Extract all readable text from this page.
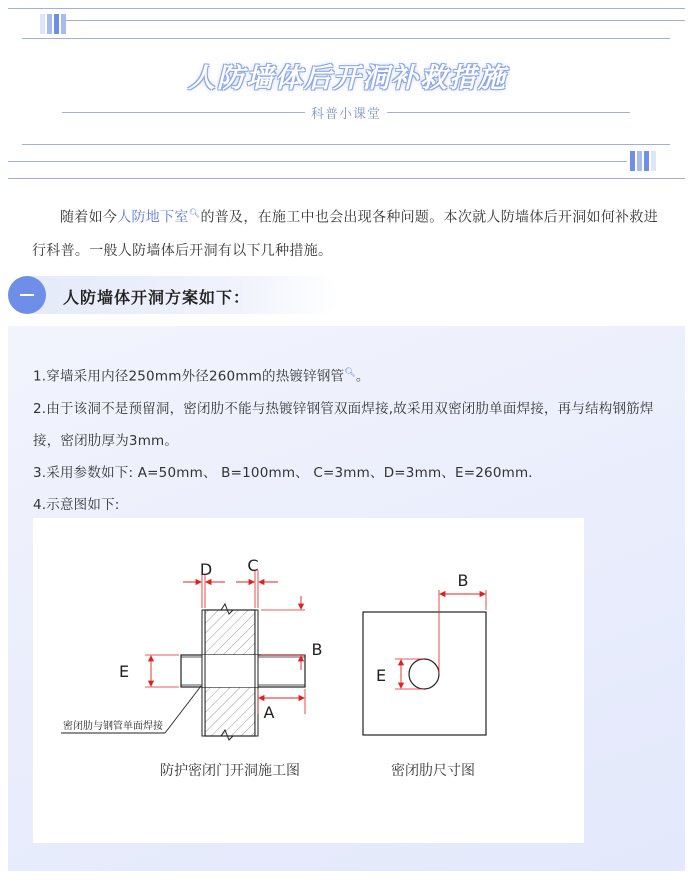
人防墙体后开洞补救措施
科普小课堂
随着如今人防地下室🔍︎的普及，在施工中也会出现各种问题。本次就人防墙体后开洞如何补救进行科普。一般人防墙体后开洞有以下几种措施。
人防墙体开洞方案如下：

1.穿墙采用内径250mm外径260mm的热镀锌钢管🔍︎。

2.由于该洞不是预留洞，密闭肋不能与热镀锌钢管双面焊接,故采用双密闭肋单面焊接，再与结构钢筋焊接，密闭肋厚为3mm。

3.采用参数如下: A=50mm、 B=100mm、 C=3mm、D=3mm、E=260mm.

4.示意图如下:

D C
B
E
A
密闭肋与钢管单面焊接
防护密闭门开洞施工图
B
E
密闭肋尺寸图
